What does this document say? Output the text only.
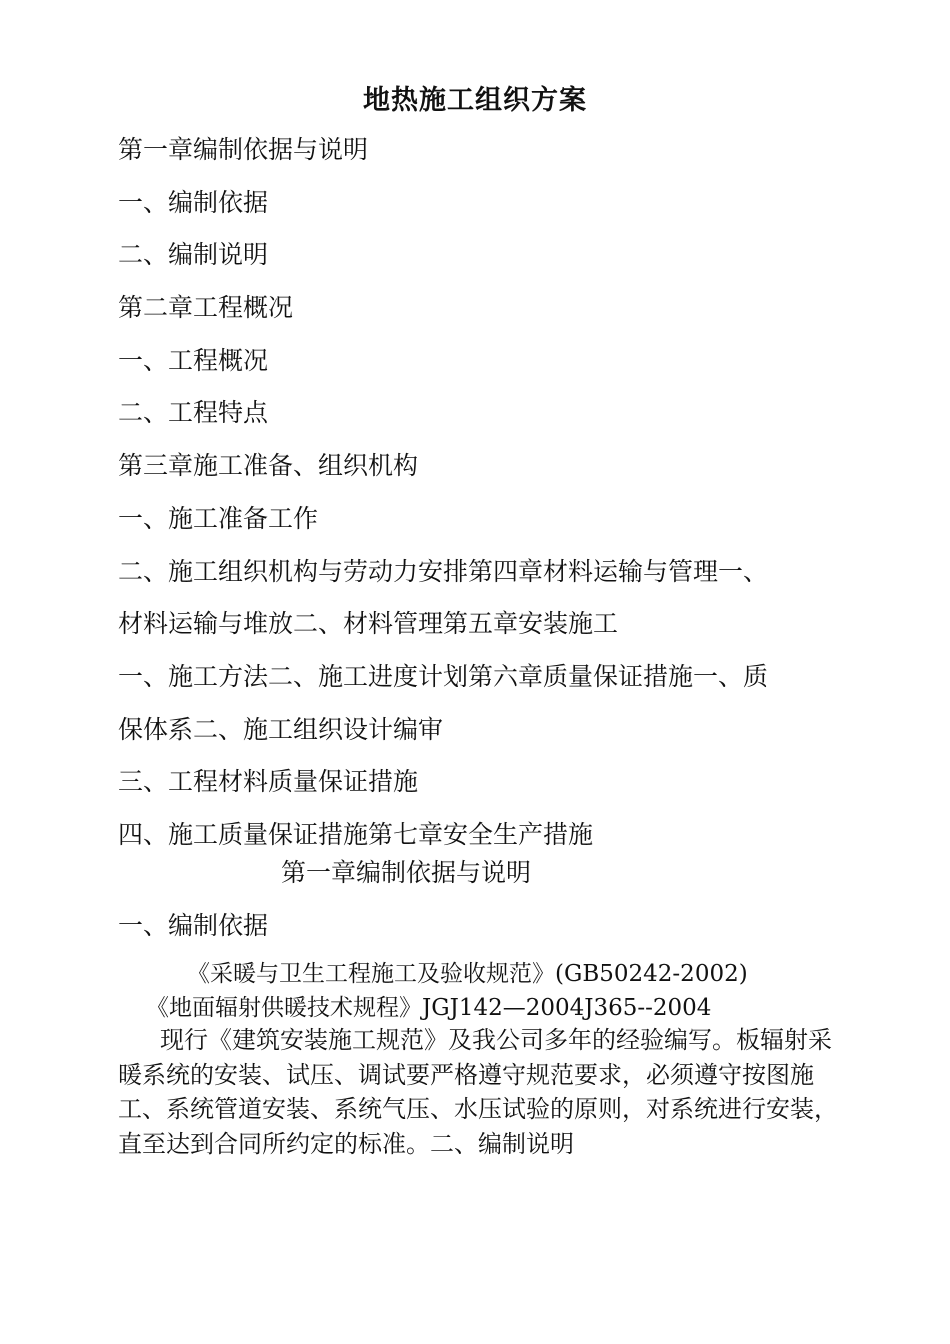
地热施工组织方案
第一章编制依据与说明
一、编制依据
二、编制说明
第二章工程概况
一、工程概况
二、工程特点
第三章施工准备、组织机构
一、施工准备工作
二、施工组织机构与劳动力安排第四章材料运输与管理一、
材料运输与堆放二、材料管理第五章安装施工
一、施工方法二、施工进度计划第六章质量保证措施一、质
保体系二、施工组织设计编审
三、工程材料质量保证措施
四、施工质量保证措施第七章安全生产措施
第一章编制依据与说明
一、编制依据
《采暖与卫生工程施工及验收规范》(GB50242-2002)
《地面辐射供暖技术规程》JGJ142—2004J365--2004

现行《建筑安装施工规范》及我公司多年的经验编写。板辐射采暖系统的安装、试压、调试要严格遵守规范要求，必须遵守按图施工、系统管道安装、系统气压、水压试验的原则，对系统进行安装，直至达到合同所约定的标准。二、编制说明
